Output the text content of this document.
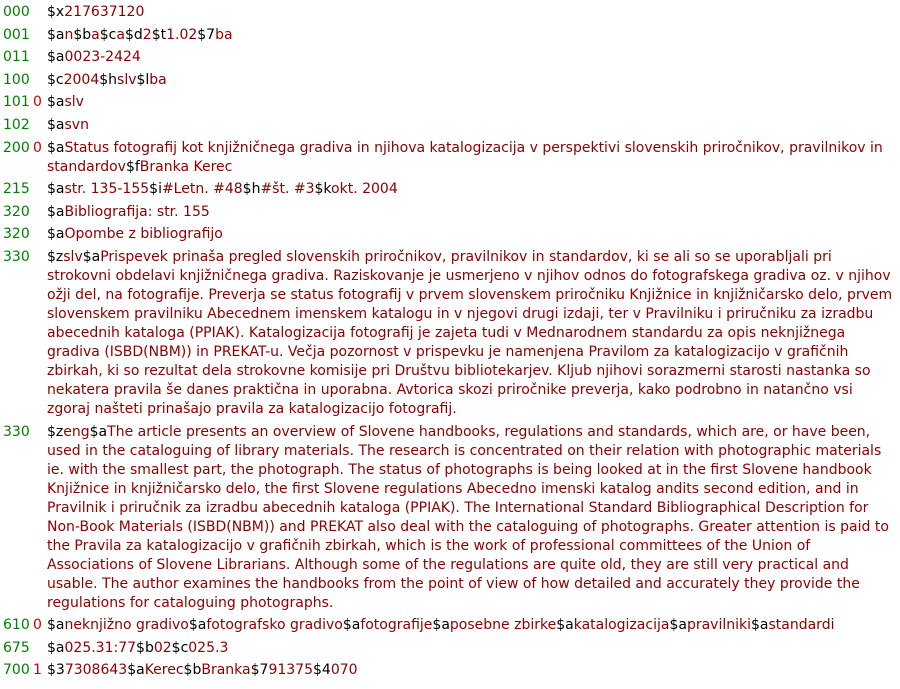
000 $x217637120
001 $an$ba$ca$d2$t1.02$7ba
011 $a0023-2424
100 $c2004$hslv$lba
101 0 $aslv
102 $asvn
200 0 $aStatus fotografij kot knjižničnega gradiva in njihova katalogizacija v perspektivi slovenskih priročnikov, pravilnikov in standardov$fBranka Kerec
215 $astr. 135-155$i#Letn. #48$h#št. #3$kokt. 2004
320 $aBibliografija: str. 155
320 $aOpombe z bibliografijo
330 $zslv$aPrispevek prinaša pregled slovenskih priročnikov, pravilnikov in standardov, ki se ali so se uporabljali pri strokovni obdelavi knjižničnega gradiva. Raziskovanje je usmerjeno v njihov odnos do fotografskega gradiva oz. v njihov ožji del, na fotografije. Preverja se status fotografij v prvem slovenskem priročniku Knjižnice in knjižničarsko delo, prvem slovenskem pravilniku Abecednem imenskem katalogu in v njegovi drugi izdaji, ter v Pravilniku i priručniku za izradbu abecednih kataloga (PPIAK). Katalogizacija fotografij je zajeta tudi v Mednarodnem standardu za opis neknjižnega gradiva (ISBD(NBM)) in PREKAT-u. Večja pozornost v prispevku je namenjena Pravilom za katalogizacijo v grafičnih zbirkah, ki so rezultat dela strokovne komisije pri Društvu bibliotekarjev. Kljub njihovi sorazmerni starosti nastanka so nekatera pravila še danes praktična in uporabna. Avtorica skozi priročnike preverja, kako podrobno in natančno vsi zgoraj našteti prinašajo pravila za katalogizacijo fotografij.
330 $zeng$aThe article presents an overview of Slovene handbooks, regulations and standards, which are, or have been, used in the cataloguing of library materials. The research is concentrated on their relation with photographic materials ie. with the smallest part, the photograph. The status of photographs is being looked at in the first Slovene handbook Knjižnice in knjižničarsko delo, the first Slovene regulations Abecedno imenski katalog andits second edition, and in Pravilnik i priručnik za izradbu abecednih kataloga (PPIAK). The International Standard Bibliographical Description for Non-Book Materials (ISBD(NBM)) and PREKAT also deal with the cataloguing of photographs. Greater attention is paid to the Pravila za katalogizacijo v grafičnih zbirkah, which is the work of professional committees of the Union of Associations of Slovene Librarians. Although some of the regulations are quite old, they are still very practical and usable. The author examines the handbooks from the point of view of how detailed and accurately they provide the regulations for cataloguing photographs.
610 0 $aneknjižno gradivo$afotografsko gradivo$afotografije$aposebne zbirke$akatalogizacija$apravilniki$astandardi
675 $a025.31:77$b02$c025.3
700 1 $37308643$aKerec$bBranka$791375$4070
